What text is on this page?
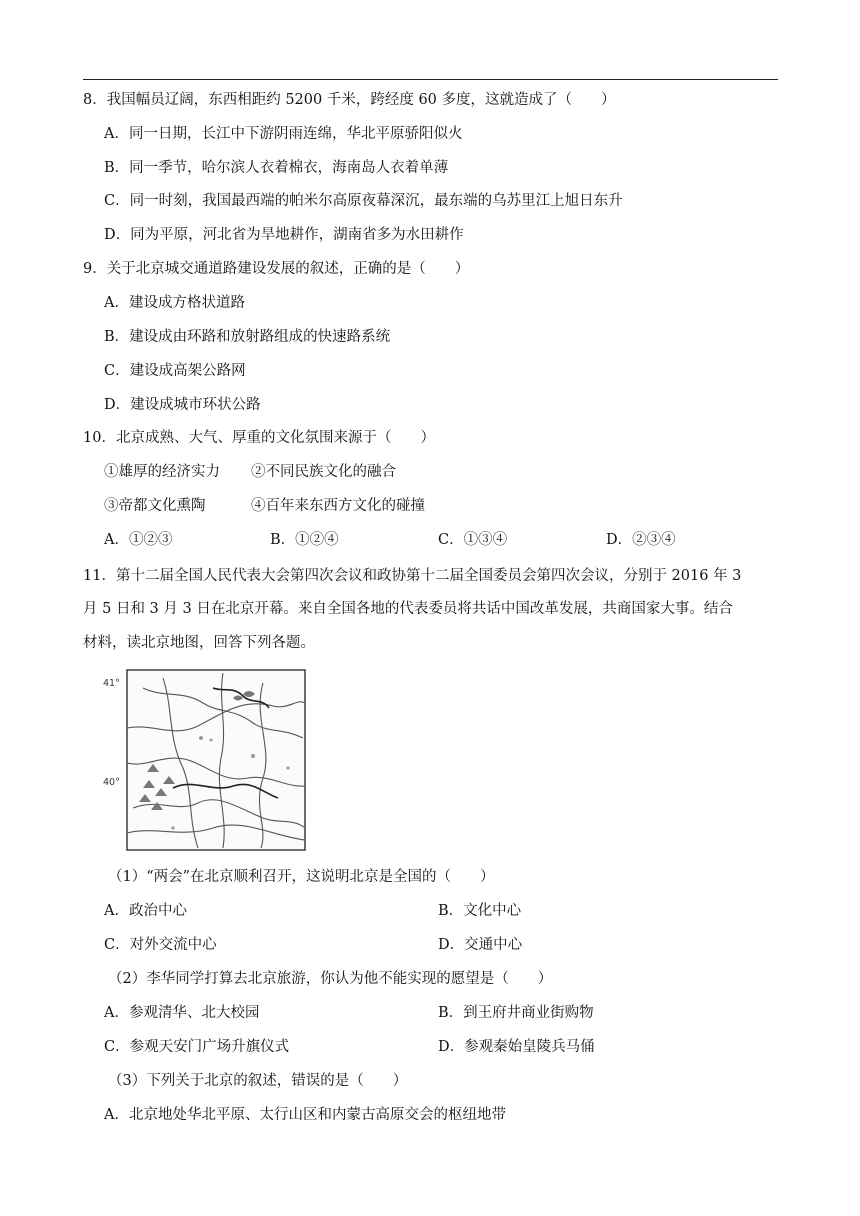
8．我国幅员辽阔，东西相距约 5200 千米，跨经度 60 多度，这就造成了（　　）
A．同一日期，长江中下游阴雨连绵，华北平原骄阳似火
B．同一季节，哈尔滨人衣着棉衣，海南岛人衣着单薄
C．同一时刻，我国最西端的帕米尔高原夜幕深沉，最东端的乌苏里江上旭日东升
D．同为平原，河北省为旱地耕作，湖南省多为水田耕作
9．关于北京城交通道路建设发展的叙述，正确的是（　　）
A．建设成方格状道路
B．建设成由环路和放射路组成的快速路系统
C．建设成高架公路网
D．建设成城市环状公路
10．北京成熟、大气、厚重的文化氛围来源于（　　）
①雄厚的经济实力 ②不同民族文化的融合
③帝都文化熏陶	④百年来东西方文化的碰撞
A．①②③	B．①②④	C．①③④	D．②③④
11．第十二届全国人民代表大会第四次会议和政协第十二届全国委员会第四次会议，分别于 2016 年 3
月 5 日和 3 月 3 日在北京开幕。来自全国各地的代表委员将共话中国改革发展，共商国家大事。结合
材料，读北京地图，回答下列各题。
41°
40°
（1）“两会”在北京顺利召开，这说明北京是全国的（　　）
A．政治中心	B．文化中心
C．对外交流中心	D．交通中心
（2）李华同学打算去北京旅游，你认为他不能实现的愿望是（　　）
A．参观清华、北大校园	B．到王府井商业街购物
C．参观天安门广场升旗仪式	D．参观秦始皇陵兵马俑
（3）下列关于北京的叙述，错误的是（　　）
A．北京地处华北平原、太行山区和内蒙古高原交会的枢纽地带
